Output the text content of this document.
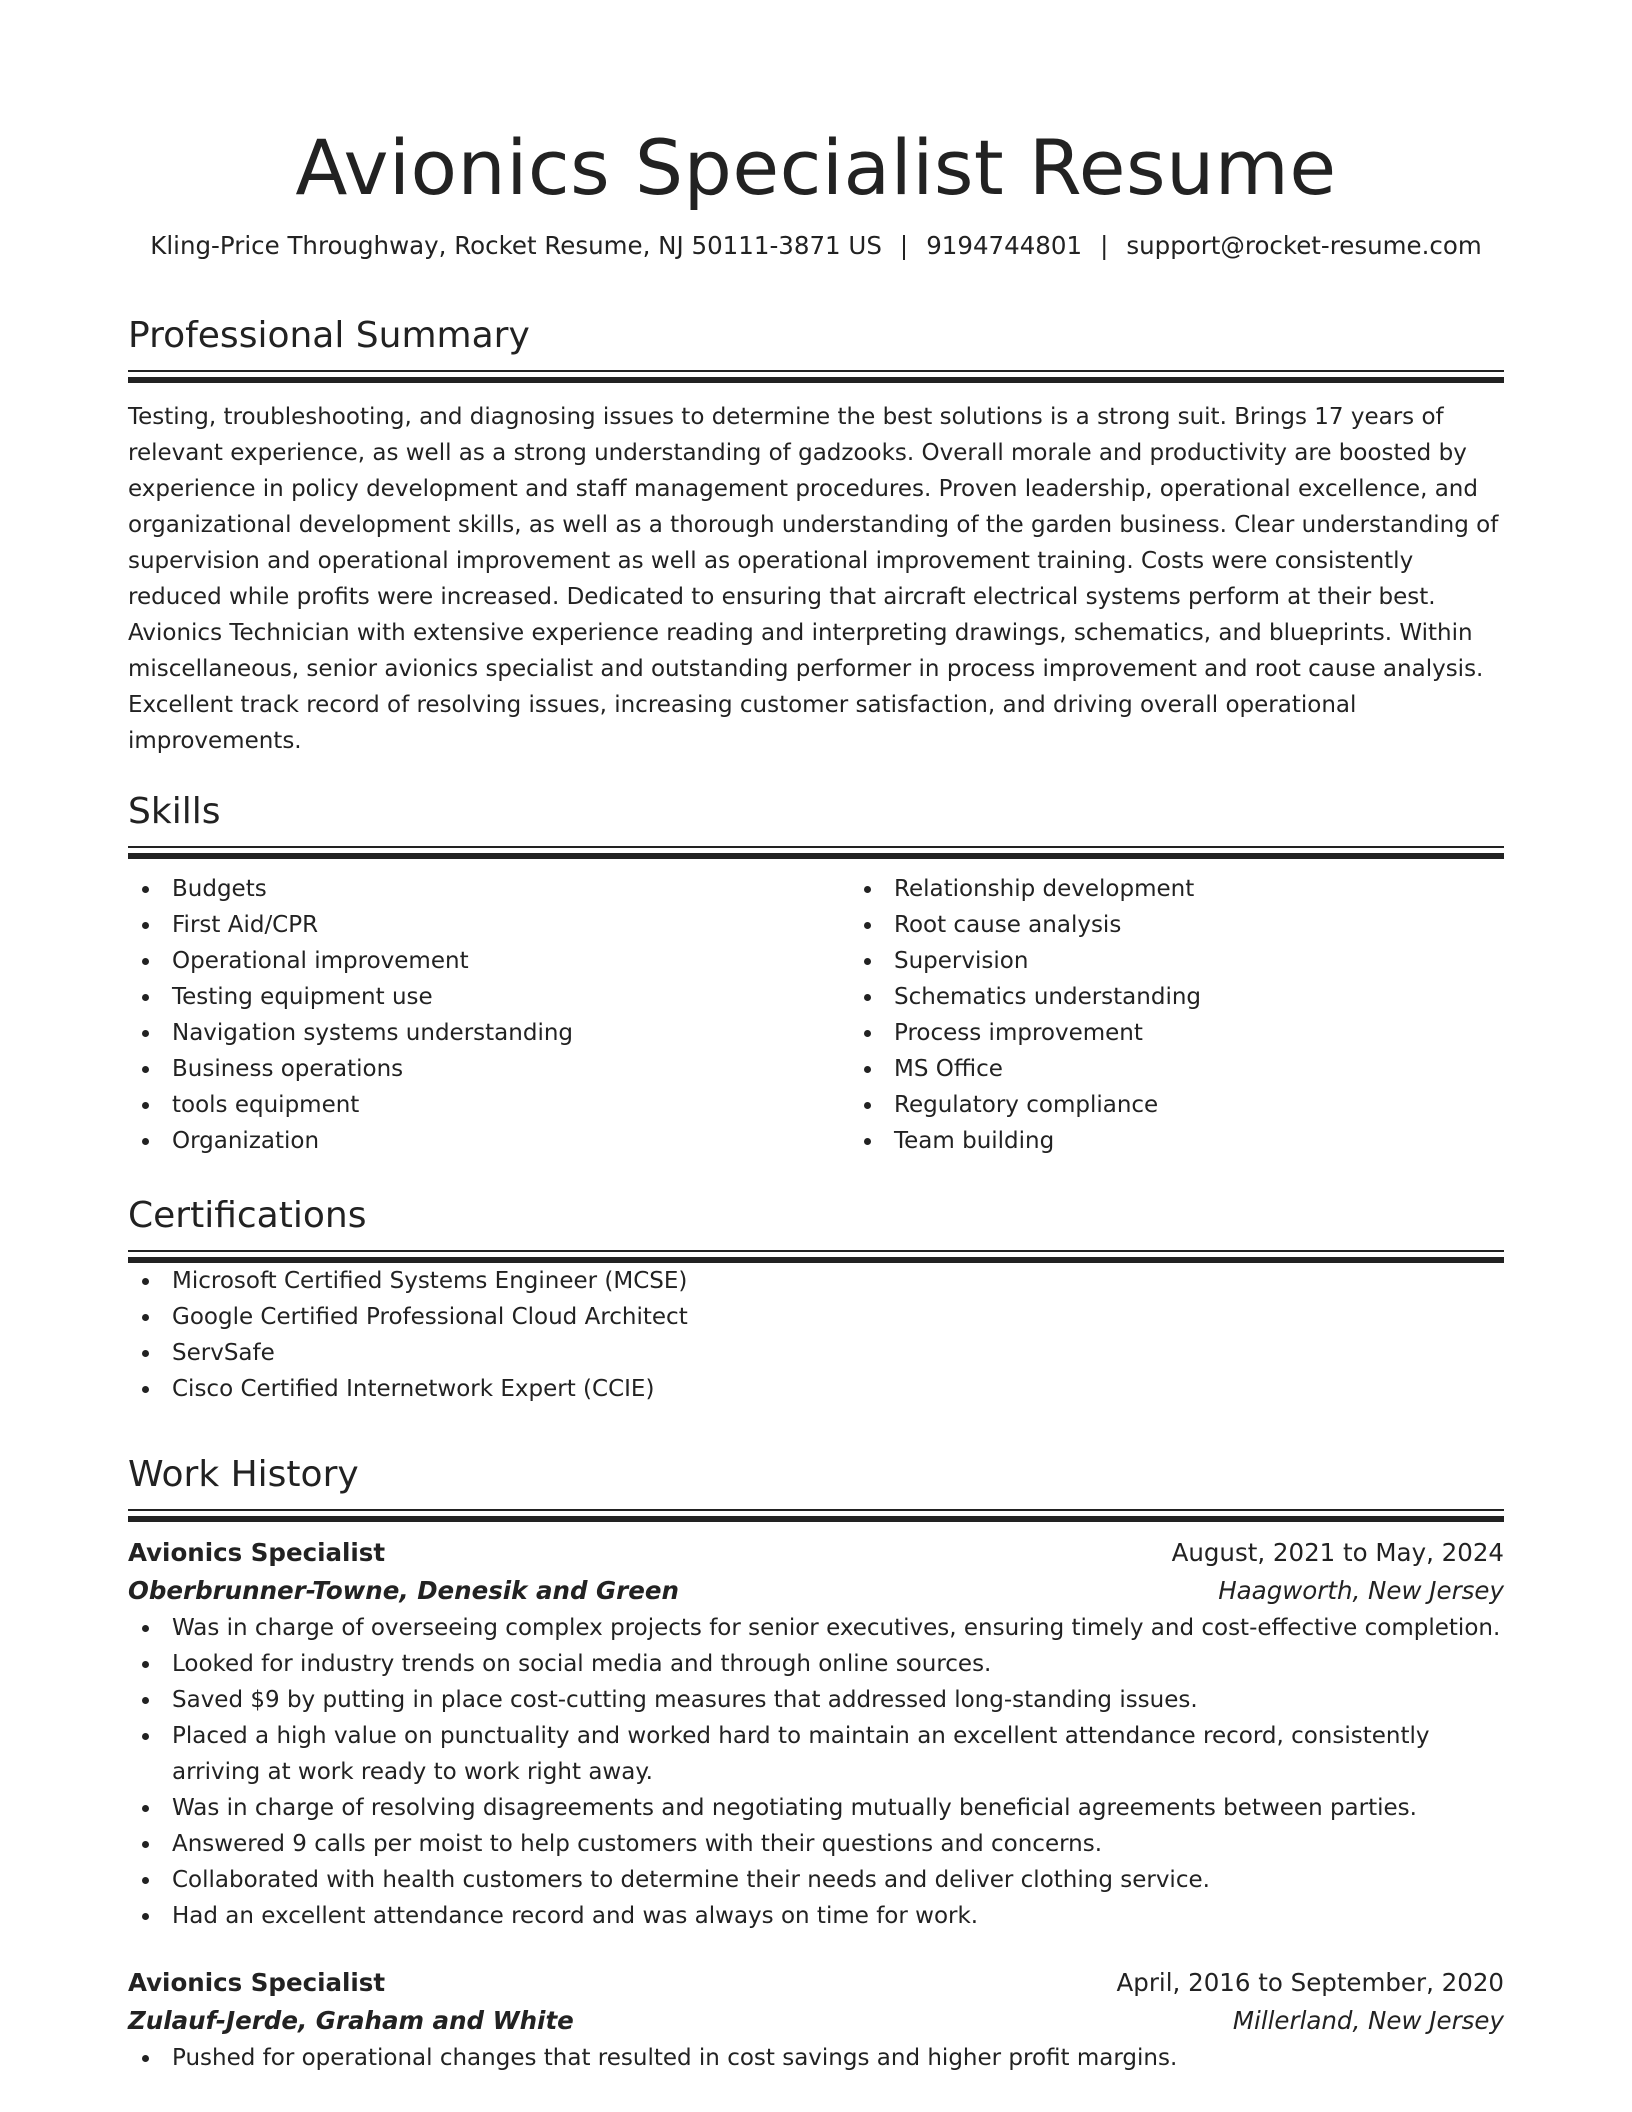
Avionics Specialist Resume
Kling-Price Throughway, Rocket Resume, NJ 50111-3871 US | 9194744801 | support@rocket-resume.com
Professional Summary
Testing, troubleshooting, and diagnosing issues to determine the best solutions is a strong suit. Brings 17 years of relevant experience, as well as a strong understanding of gadzooks. Overall morale and productivity are boosted by experience in policy development and staff management procedures. Proven leadership, operational excellence, and organizational development skills, as well as a thorough understanding of the garden business. Clear understanding of supervision and operational improvement as well as operational improvement training. Costs were consistently reduced while profits were increased. Dedicated to ensuring that aircraft electrical systems perform at their best. Avionics Technician with extensive experience reading and interpreting drawings, schematics, and blueprints. Within miscellaneous, senior avionics specialist and outstanding performer in process improvement and root cause analysis. Excellent track record of resolving issues, increasing customer satisfaction, and driving overall operational improvements.
Skills
Budgets
First Aid/CPR
Operational improvement
Testing equipment use
Navigation systems understanding
Business operations
tools equipment
Organization
Relationship development
Root cause analysis
Supervision
Schematics understanding
Process improvement
MS Office
Regulatory compliance
Team building
Certifications
Microsoft Certified Systems Engineer (MCSE)
Google Certified Professional Cloud Architect
ServSafe
Cisco Certified Internetwork Expert (CCIE)
Work History
Avionics Specialist	August, 2021 to May, 2024
Oberbrunner-Towne, Denesik and Green	Haagworth, New Jersey
Was in charge of overseeing complex projects for senior executives, ensuring timely and cost-effective completion.
Looked for industry trends on social media and through online sources.
Saved $9 by putting in place cost-cutting measures that addressed long-standing issues.
Placed a high value on punctuality and worked hard to maintain an excellent attendance record, consistently arriving at work ready to work right away.
Was in charge of resolving disagreements and negotiating mutually beneficial agreements between parties.
Answered 9 calls per moist to help customers with their questions and concerns.
Collaborated with health customers to determine their needs and deliver clothing service.
Had an excellent attendance record and was always on time for work.
Avionics Specialist	April, 2016 to September, 2020
Zulauf-Jerde, Graham and White	Millerland, New Jersey
Pushed for operational changes that resulted in cost savings and higher profit margins.
